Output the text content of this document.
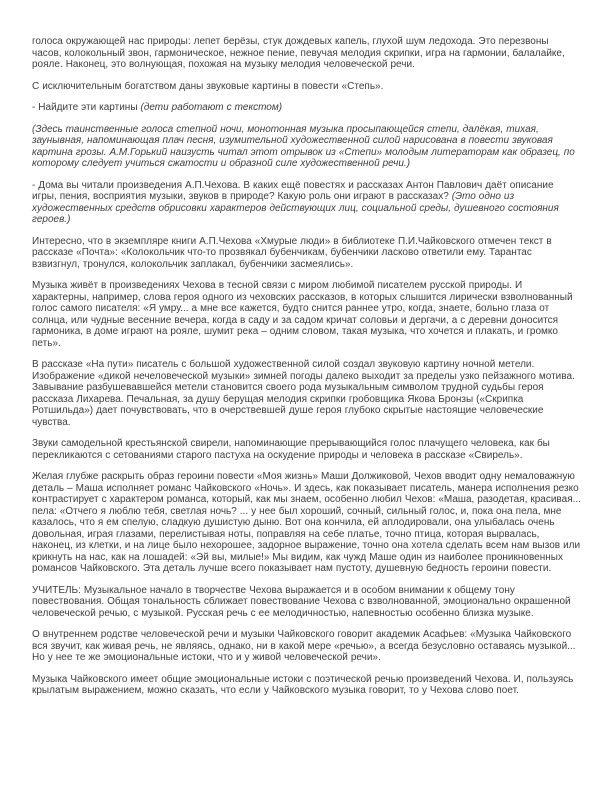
голоса окружающей нас природы: лепет берёзы, стук дождевых капель, глухой шум ледохода. Это перезвоны часов, колокольный звон, гармоническое, нежное пение, певучая мелодия скрипки, игра на гармонии, балалайке, рояле. Наконец, это волнующая, похожая на музыку мелодия человеческой речи.

С исключительным богатством даны звуковые картины в повести «Степь».

- Найдите эти картины (дети работают с текстом)

(Здесь таинственные голоса степной ночи, монотонная музыка просыпающейся степи, далёкая, тихая, заунывная, напоминающая плач песня, изумительной художественной силой нарисована в повести звуковая картина грозы. А.М.Горький наизусть читал этот отрывок из «Степи» молодым литераторам как образец, по которому следует учиться сжатости и образной силе художественной речи.)

- Дома вы читали произведения А.П.Чехова. В каких ещё повестях и рассказах Антон Павлович даёт описание игры, пения, восприятия музыки, звуков в природе? Какую роль они играют в рассказах? (Это одно из художественных средств обрисовки характеров действующих лиц, социальной среды, душевного состояния героев.)

Интересно, что в экземпляре книги А.П.Чехова «Хмурые люди» в библиотеке П.И.Чайковского отмечен текст в рассказе «Почта»: «Колокольчик что-то прозвякал бубенчикам, бубенчики ласково ответили ему. Тарантас взвизгнул, тронулся, колокольчик заплакал, бубенчики засмеялись».

Музыка живёт в произведениях Чехова в тесной связи с миром любимой писателем русской природы. И характерны, например, слова героя одного из чеховских рассказов, в которых слышится лирически взволнованный голос самого писателя: «Я умру... а мне все кажется, будто снится раннее утро, когда, знаете, больно глаза от солнца, или чудные весенние вечера, когда в саду и за садом кричат соловьи и дергачи, а с деревни доносится гармоника, в доме играют на рояле, шумит река – одним словом, такая музыка, что хочется и плакать, и громко петь».

В рассказе «На пути» писатель с большой художественной силой создал звуковую картину ночной метели. Изображение «дикой нечеловеческой музыки» зимней погоды далеко выходит за пределы узко пейзажного мотива. Завывание разбушевавшейся метели становится своего рода музыкальным символом трудной судьбы героя рассказа Лихарева. Печальная, за душу берущая мелодия скрипки гробовщика Якова Бронзы («Скрипка Ротшильда») дает почувствовать, что в очерствевшей душе героя глубоко скрытые настоящие человеческие чувства.

Звуки самодельной крестьянской свирели, напоминающие прерывающийся голос плачущего человека, как бы перекликаются с сетованиями старого пастуха на оскудение природы и человека в рассказе «Свирель».

Желая глубже раскрыть образ героини повести «Моя жизнь» Маши Должиковой, Чехов вводит одну немаловажную деталь – Маша исполняет романс Чайковского «Ночь». И здесь, как показывает писатель, манера исполнения резко контрастирует с характером романса, который, как мы знаем, особенно любил Чехов: «Маша, разодетая, красивая... пела: «Отчего я люблю тебя, светлая ночь? ... у нее был хороший, сочный, сильный голос, и, пока она пела, мне казалось, что я ем спелую, сладкую душистую дыню. Вот она кончила, ей аплодировали, она улыбалась очень довольная, играя глазами, перелистывая ноты, поправляя на себе платье, точно птица, которая вырвалась, наконец, из клетки, и на лице было нехорошее, задорное выражение, точно она хотела сделать всем нам вызов или крикнуть на нас, как на лошадей: «Эй вы, милые!» Мы видим, как чужд Маше один из наиболее проникновенных романсов Чайковского. Эта деталь лучше всего показывает нам пустоту, душевную бедность героини повести.

УЧИТЕЛЬ: Музыкальное начало в творчестве Чехова выражается и в особом внимании к общему тону повествования. Общая тональность сближает повествование Чехова с взволнованной, эмоционально окрашенной человеческой речью, с музыкой. Русская речь с ее мелодичностью, напевностью особенно близка музыке.

О внутреннем родстве человеческой речи и музыки Чайковского говорит академик Асафьев: «Музыка Чайковского вся звучит, как живая речь, не являясь, однако, ни в какой мере «речью», а всегда безусловно оставаясь музыкой... Но у нее те же эмоциональные истоки, что и у живой человеческой речи».

Музыка Чайковского имеет общие эмоциональные истоки с поэтической речью произведений Чехова. И, пользуясь крылатым выражением, можно сказать, что если у Чайковского музыка говорит, то у Чехова слово поет.
